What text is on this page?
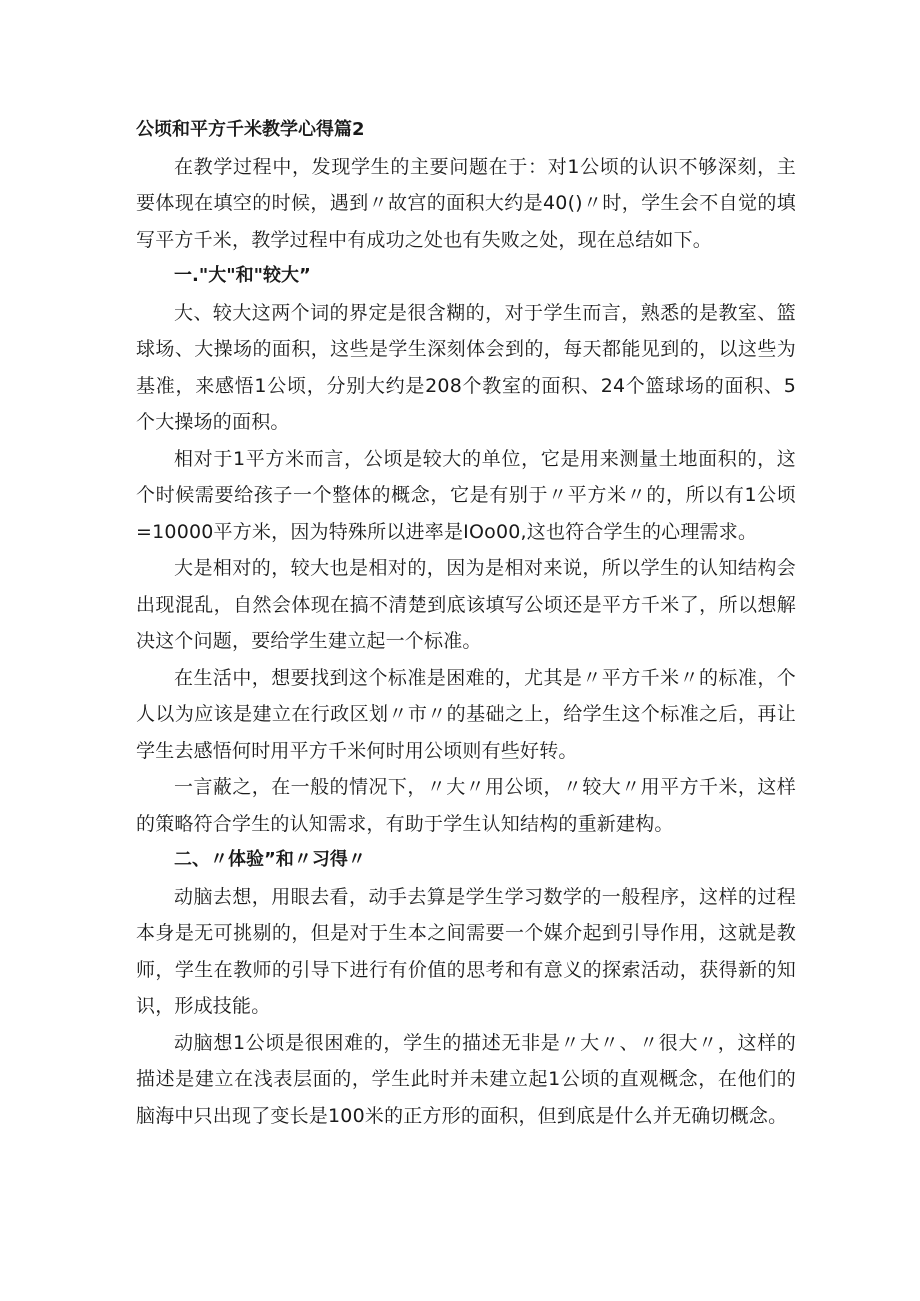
公顷和平方千米教学心得篇2

在教学过程中，发现学生的主要问题在于：对1公顷的认识不够深刻，主要体现在填空的时候，遇到〃故宫的面积大约是40()〃时，学生会不自觉的填写平方千米，教学过程中有成功之处也有失败之处，现在总结如下。

一."大"和"较大”

大、较大这两个词的界定是很含糊的，对于学生而言，熟悉的是教室、篮球场、大操场的面积，这些是学生深刻体会到的，每天都能见到的，以这些为基准，来感悟1公顷，分别大约是208个教室的面积、24个篮球场的面积、5个大操场的面积。

相对于1平方米而言，公顷是较大的单位，它是用来测量土地面积的，这个时候需要给孩子一个整体的概念，它是有别于〃平方米〃的，所以有1公顷=10000平方米，因为特殊所以进率是IOo00,这也符合学生的心理需求。

大是相对的，较大也是相对的，因为是相对来说，所以学生的认知结构会出现混乱，自然会体现在搞不清楚到底该填写公顷还是平方千米了，所以想解决这个问题，要给学生建立起一个标准。

在生活中，想要找到这个标准是困难的，尤其是〃平方千米〃的标准，个人以为应该是建立在行政区划〃市〃的基础之上，给学生这个标准之后，再让学生去感悟何时用平方千米何时用公顷则有些好转。

一言蔽之，在一般的情况下，〃大〃用公顷，〃较大〃用平方千米，这样的策略符合学生的认知需求，有助于学生认知结构的重新建构。

二、〃体验”和〃习得〃

动脑去想，用眼去看，动手去算是学生学习数学的一般程序，这样的过程本身是无可挑剔的，但是对于生本之间需要一个媒介起到引导作用，这就是教师，学生在教师的引导下进行有价值的思考和有意义的探索活动，获得新的知识，形成技能。

动脑想1公顷是很困难的，学生的描述无非是〃大〃、〃很大〃，这样的描述是建立在浅表层面的，学生此时并未建立起1公顷的直观概念，在他们的脑海中只出现了变长是100米的正方形的面积，但到底是什么并无确切概念。
